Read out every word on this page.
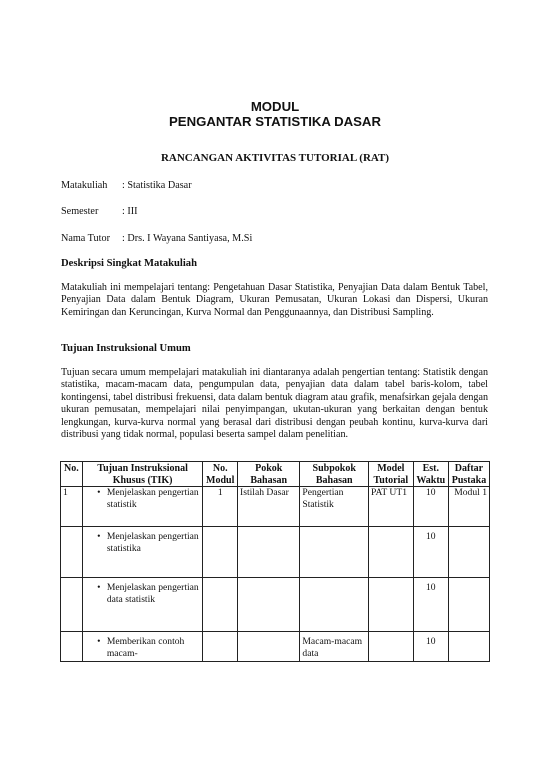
MODUL
PENGANTAR STATISTIKA DASAR
RANCANGAN AKTIVITAS TUTORIAL (RAT)
Matakuliah : Statistika Dasar
Semester : III
Nama Tutor : Drs. I Wayana Santiyasa, M.Si
Deskripsi Singkat Matakuliah
Matakuliah ini mempelajari tentang: Pengetahuan Dasar Statistika, Penyajian Data dalam Bentuk Tabel, Penyajian Data dalam Bentuk Diagram, Ukuran Pemusatan, Ukuran Lokasi dan Dispersi, Ukuran Kemiringan dan Keruncingan, Kurva Normal dan Penggunaannya, dan Distribusi Sampling.
Tujuan Instruksional Umum
Tujuan secara umum mempelajari matakuliah ini diantaranya adalah pengertian tentang: Statistik dengan statistika, macam-macam data, pengumpulan data, penyajian data dalam tabel baris-kolom, tabel kontingensi, tabel distribusi frekuensi, data dalam bentuk diagram atau grafik, menafsirkan gejala dengan ukuran pemusatan, mempelajari nilai penyimpangan, ukutan-ukuran yang berkaitan dengan bentuk lengkungan, kurva-kurva normal yang berasal dari distribusi dengan peubah kontinu, kurva-kurva dari distribusi yang tidak normal, populasi beserta sampel dalam penelitian.
No.	Tujuan Instruksional Khusus (TIK)	No. Modul	Pokok Bahasan	Subpokok Bahasan	Model Tutorial	Est. Waktu	Daftar Pustaka
1	• Menjelaskan pengertian statistik	1	Istilah Dasar	Pengertian Statistik	PAT UT1	10	Modul 1

	• Menjelaskan pengertian statistika					10	

	• Menjelaskan pengertian data statistik					10	

	• Memberikan contoh macam-			Macam-macam data		10	
